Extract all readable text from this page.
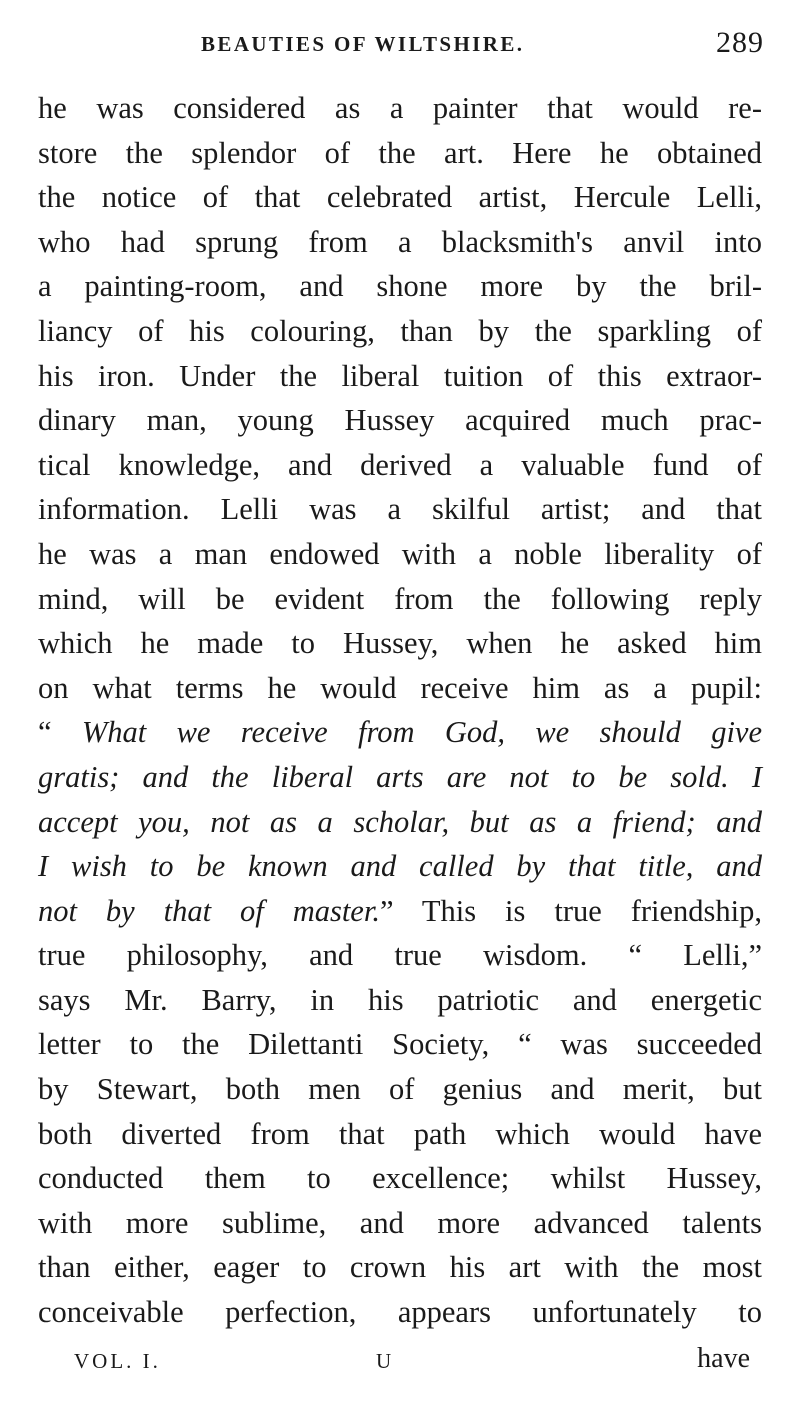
BEAUTIES OF WILTSHIRE.	289
he was considered as a painter that would re-
store the splendor of the art. Here he obtained
the notice of that celebrated artist, Hercule Lelli,
who had sprung from a blacksmith's anvil into
a painting-room, and shone more by the bril-
liancy of his colouring, than by the sparkling of
his iron. Under the liberal tuition of this extraor-
dinary man, young Hussey acquired much prac-
tical knowledge, and derived a valuable fund of
information. Lelli was a skilful artist; and that
he was a man endowed with a noble liberality of
mind, will be evident from the following reply
which he made to Hussey, when he asked him
on what terms he would receive him as a pupil:
“ What we receive from God, we should give
gratis; and the liberal arts are not to be sold. I
accept you, not as a scholar, but as a friend; and
I wish to be known and called by that title, and
not by that of master.” This is true friendship,
true philosophy, and true wisdom. “ Lelli,”
says Mr. Barry, in his patriotic and energetic
letter to the Dilettanti Society, “ was succeeded
by Stewart, both men of genius and merit, but
both diverted from that path which would have
conducted them to excellence; whilst Hussey,
with more sublime, and more advanced talents
than either, eager to crown his art with the most
conceivable perfection, appears unfortunately to
VOL. I.	U	have
